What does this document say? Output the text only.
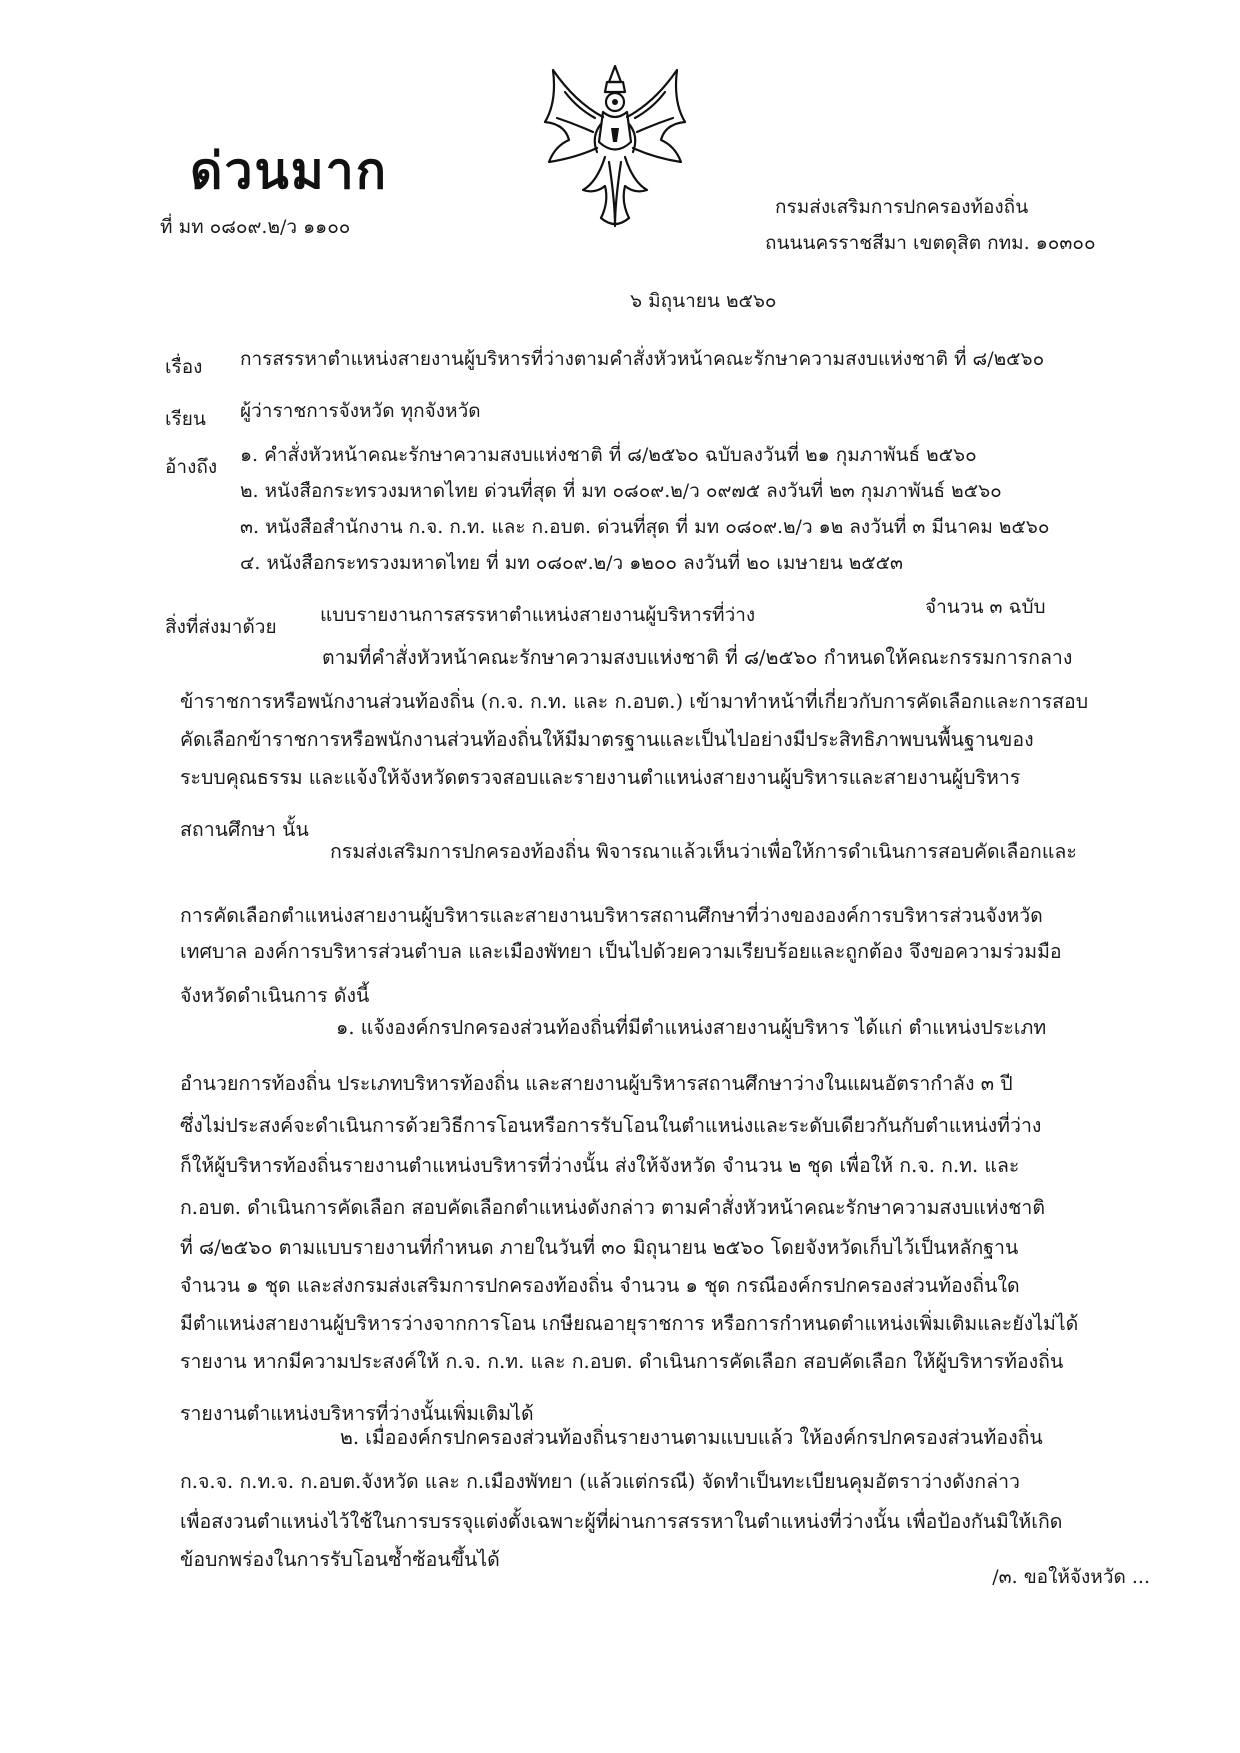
ด่วนมาก
ที่ มท ๐๘๐๙.๒/ว ๑๑๐๐
กรมส่งเสริมการปกครองท้องถิ่น
ถนนนครราชสีมา เขตดุสิต กทม. ๑๐๓๐๐
๖ มิถุนายน ๒๕๖๐
เรื่อง การสรรหาตำแหน่งสายงานผู้บริหารที่ว่างตามคำสั่งหัวหน้าคณะรักษาความสงบแห่งชาติ ที่ ๘/๒๕๖๐
เรียน ผู้ว่าราชการจังหวัด ทุกจังหวัด
อ้างถึง
๑. คำสั่งหัวหน้าคณะรักษาความสงบแห่งชาติ ที่ ๘/๒๕๖๐ ฉบับลงวันที่ ๒๑ กุมภาพันธ์ ๒๕๖๐
๒. หนังสือกระทรวงมหาดไทย ด่วนที่สุด ที่ มท ๐๘๐๙.๒/ว ๐๙๗๕ ลงวันที่ ๒๓ กุมภาพันธ์ ๒๕๖๐
๓. หนังสือสำนักงาน ก.จ. ก.ท. และ ก.อบต. ด่วนที่สุด ที่ มท ๐๘๐๙.๒/ว ๑๒ ลงวันที่ ๓ มีนาคม ๒๕๖๐
๔. หนังสือกระทรวงมหาดไทย ที่ มท ๐๘๐๙.๒/ว ๑๒๐๐ ลงวันที่ ๒๐ เมษายน ๒๕๕๓
สิ่งที่ส่งมาด้วย
แบบรายงานการสรรหาตำแหน่งสายงานผู้บริหารที่ว่าง	จำนวน ๓ ฉบับ
ตามที่คำสั่งหัวหน้าคณะรักษาความสงบแห่งชาติ ที่ ๘/๒๕๖๐ กำหนดให้คณะกรรมการกลาง
ข้าราชการหรือพนักงานส่วนท้องถิ่น (ก.จ. ก.ท. และ ก.อบต.) เข้ามาทำหน้าที่เกี่ยวกับการคัดเลือกและการสอบ
คัดเลือกข้าราชการหรือพนักงานส่วนท้องถิ่นให้มีมาตรฐานและเป็นไปอย่างมีประสิทธิภาพบนพื้นฐานของ
ระบบคุณธรรม และแจ้งให้จังหวัดตรวจสอบและรายงานตำแหน่งสายงานผู้บริหารและสายงานผู้บริหาร
สถานศึกษา นั้น
กรมส่งเสริมการปกครองท้องถิ่น พิจารณาแล้วเห็นว่าเพื่อให้การดำเนินการสอบคัดเลือกและ
การคัดเลือกตำแหน่งสายงานผู้บริหารและสายงานบริหารสถานศึกษาที่ว่างขององค์การบริหารส่วนจังหวัด
เทศบาล องค์การบริหารส่วนตำบล และเมืองพัทยา เป็นไปด้วยความเรียบร้อยและถูกต้อง จึงขอความร่วมมือ
จังหวัดดำเนินการ ดังนี้
๑. แจ้งองค์กรปกครองส่วนท้องถิ่นที่มีตำแหน่งสายงานผู้บริหาร ได้แก่ ตำแหน่งประเภท
อำนวยการท้องถิ่น ประเภทบริหารท้องถิ่น และสายงานผู้บริหารสถานศึกษาว่างในแผนอัตรากำลัง ๓ ปี
ซึ่งไม่ประสงค์จะดำเนินการด้วยวิธีการโอนหรือการรับโอนในตำแหน่งและระดับเดียวกันกับตำแหน่งที่ว่าง
ก็ให้ผู้บริหารท้องถิ่นรายงานตำแหน่งบริหารที่ว่างนั้น ส่งให้จังหวัด จำนวน ๒ ชุด เพื่อให้ ก.จ. ก.ท. และ
ก.อบต. ดำเนินการคัดเลือก สอบคัดเลือกตำแหน่งดังกล่าว ตามคำสั่งหัวหน้าคณะรักษาความสงบแห่งชาติ
ที่ ๘/๒๕๖๐ ตามแบบรายงานที่กำหนด ภายในวันที่ ๓๐ มิถุนายน ๒๕๖๐ โดยจังหวัดเก็บไว้เป็นหลักฐาน
จำนวน ๑ ชุด และส่งกรมส่งเสริมการปกครองท้องถิ่น จำนวน ๑ ชุด กรณีองค์กรปกครองส่วนท้องถิ่นใด
มีตำแหน่งสายงานผู้บริหารว่างจากการโอน เกษียณอายุราชการ หรือการกำหนดตำแหน่งเพิ่มเติมและยังไม่ได้
รายงาน หากมีความประสงค์ให้ ก.จ. ก.ท. และ ก.อบต. ดำเนินการคัดเลือก สอบคัดเลือก ให้ผู้บริหารท้องถิ่น
รายงานตำแหน่งบริหารที่ว่างนั้นเพิ่มเติมได้
๒. เมื่อองค์กรปกครองส่วนท้องถิ่นรายงานตามแบบแล้ว ให้องค์กรปกครองส่วนท้องถิ่น
ก.จ.จ. ก.ท.จ. ก.อบต.จังหวัด และ ก.เมืองพัทยา (แล้วแต่กรณี) จัดทำเป็นทะเบียนคุมอัตราว่างดังกล่าว
เพื่อสงวนตำแหน่งไว้ใช้ในการบรรจุแต่งตั้งเฉพาะผู้ที่ผ่านการสรรหาในตำแหน่งที่ว่างนั้น เพื่อป้องกันมิให้เกิด
ข้อบกพร่องในการรับโอนซ้ำซ้อนขึ้นได้
/๓. ขอให้จังหวัด ...
